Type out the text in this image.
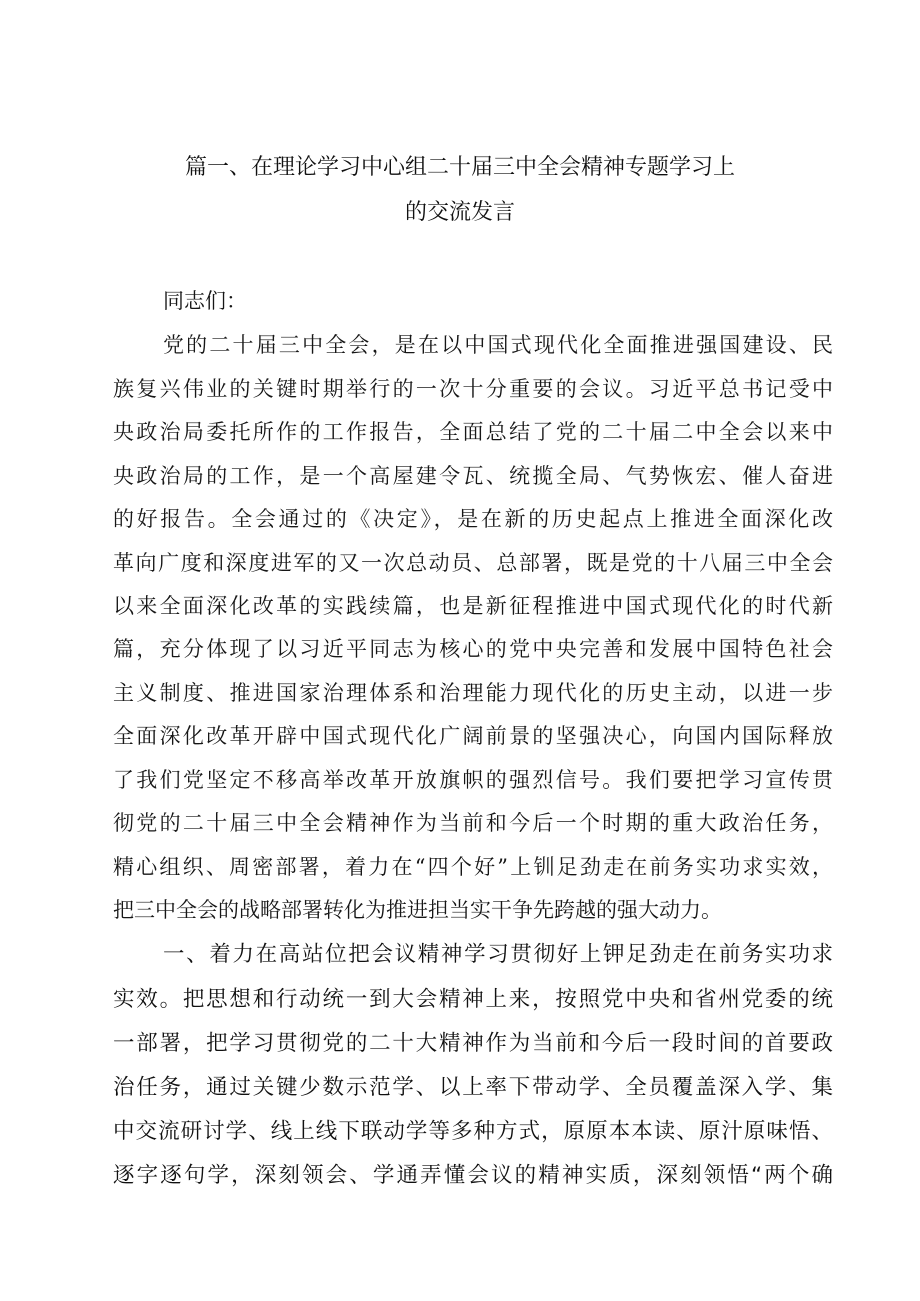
篇一、在理论学习中心组二十届三中全会精神专题学习上
的交流发言
同志们：
党的二十届三中全会，是在以中国式现代化全面推进强国建设、民
族复兴伟业的关键时期举行的一次十分重要的会议。习近平总书记受中
央政治局委托所作的工作报告，全面总结了党的二十届二中全会以来中
央政治局的工作，是一个高屋建令瓦、统揽全局、气势恢宏、催人奋进
的好报告。全会通过的《决定》，是在新的历史起点上推进全面深化改
革向广度和深度进军的又一次总动员、总部署，既是党的十八届三中全会
以来全面深化改革的实践续篇，也是新征程推进中国式现代化的时代新
篇，充分体现了以习近平同志为核心的党中央完善和发展中国特色社会
主义制度、推进国家治理体系和治理能力现代化的历史主动，以进一步
全面深化改革开辟中国式现代化广阔前景的坚强决心，向国内国际释放
了我们党坚定不移高举改革开放旗帜的强烈信号。我们要把学习宣传贯
彻党的二十届三中全会精神作为当前和今后一个时期的重大政治任务，
精心组织、周密部署，着力在“四个好”上钏足劲走在前务实功求实效，
把三中全会的战略部署转化为推进担当实干争先跨越的强大动力。
一、着力在高站位把会议精神学习贯彻好上钾足劲走在前务实功求
实效。把思想和行动统一到大会精神上来，按照党中央和省州党委的统
一部署，把学习贯彻党的二十大精神作为当前和今后一段时间的首要政
治任务，通过关键少数示范学、以上率下带动学、全员覆盖深入学、集
中交流研讨学、线上线下联动学等多种方式，原原本本读、原汁原味悟、
逐字逐句学，深刻领会、学通弄懂会议的精神实质，深刻领悟“两个确
